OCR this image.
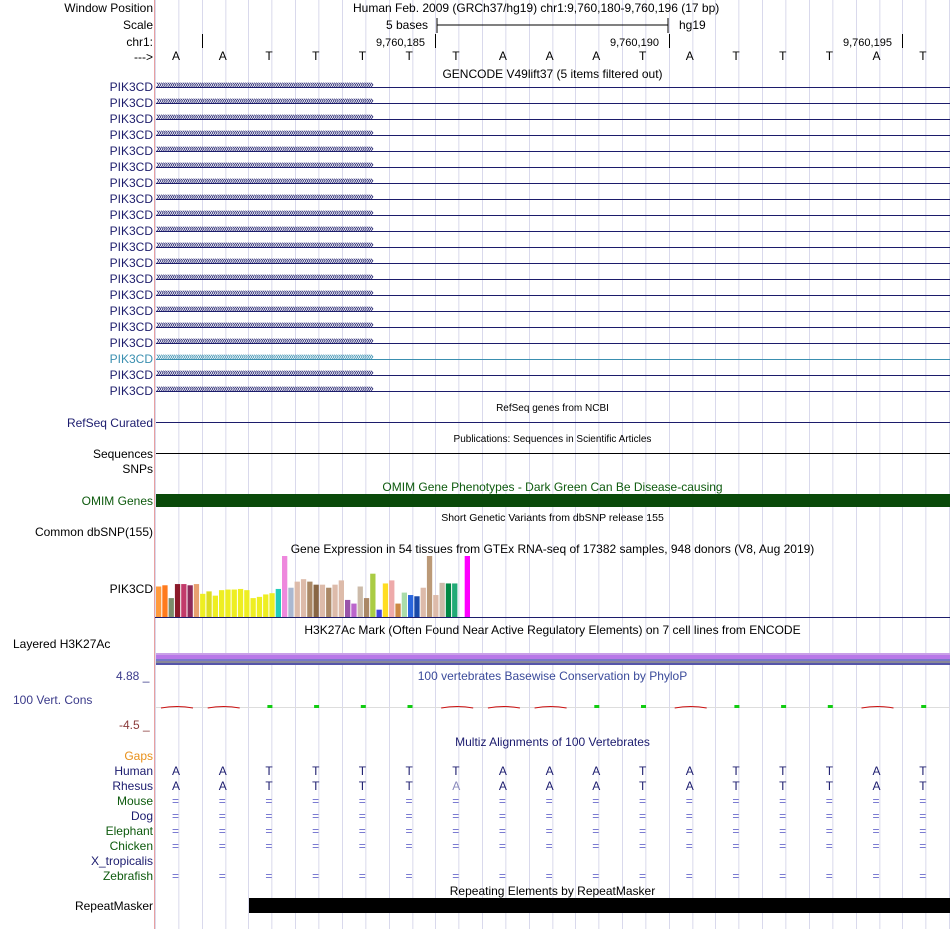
Window Position
Scale
chr1:
--->
Human Feb. 2009 (GRCh37/hg19) chr1:9,760,180-9,760,196 (17 bp)
5 bases	hg19
9,760,185	9,760,190	9,760,195
A	A	T	T	T	T	T	A	A	A	T	A	T	T	T	A	T
GENCODE V49lift37 (5 items filtered out)
PIK3CD ››››››››››››››››››››››››››››››››››››››››››››››››››››››››››››››››››››››››››››››››››››››››››››››››››››
PIK3CD ››››››››››››››››››››››››››››››››››››››››››››››››››››››››››››››››››››››››››››››››››››››››››››››››››››
PIK3CD ››››››››››››››››››››››››››››››››››››››››››››››››››››››››››››››››››››››››››››››››››››››››››››››››››››
PIK3CD ››››››››››››››››››››››››››››››››››››››››››››››››››››››››››››››››››››››››››››››››››››››››››››››››››››
PIK3CD ››››››››››››››››››››››››››››››››››››››››››››››››››››››››››››››››››››››››››››››››››››››››››››››››››››
PIK3CD ››››››››››››››››››››››››››››››››››››››››››››››››››››››››››››››››››››››››››››››››››››››››››››››››››››
PIK3CD ››››››››››››››››››››››››››››››››››››››››››››››››››››››››››››››››››››››››››››››››››››››››››››››››››››
PIK3CD ››››››››››››››››››››››››››››››››››››››››››››››››››››››››››››››››››››››››››››››››››››››››››››››››››››
PIK3CD ››››››››››››››››››››››››››››››››››››››››››››››››››››››››››››››››››››››››››››››››››››››››››››››››››››
PIK3CD ››››››››››››››››››››››››››››››››››››››››››››››››››››››››››››››››››››››››››››››››››››››››››››››››››››
PIK3CD ››››››››››››››››››››››››››››››››››››››››››››››››››››››››››››››››››››››››››››››››››››››››››››››››››››
PIK3CD ››››››››››››››››››››››››››››››››››››››››››››››››››››››››››››››››››››››››››››››››››››››››››››››››››››
PIK3CD ››››››››››››››››››››››››››››››››››››››››››››››››››››››››››››››››››››››››››››››››››››››››››››››››››››
PIK3CD ››››››››››››››››››››››››››››››››››››››››››››››››››››››››››››››››››››››››››››››››››››››››››››››››››››
PIK3CD ››››››››››››››››››››››››››››››››››››››››››››››››››››››››››››››››››››››››››››››››››››››››››››››››››››
PIK3CD ››››››››››››››››››››››››››››››››››››››››››››››››››››››››››››››››››››››››››››››››››››››››››››››››››››
PIK3CD ››››››››››››››››››››››››››››››››››››››››››››››››››››››››››››››››››››››››››››››››››››››››››››››››››››
PIK3CD ››››››››››››››››››››››››››››››››››››››››››››››››››››››››››››››››››››››››››››››››››››››››››››››››››››
PIK3CD ››››››››››››››››››››››››››››››››››››››››››››››››››››››››››››››››››››››››››››››››››››››››››››››››››››
PIK3CD ››››››››››››››››››››››››››››››››››››››››››››››››››››››››››››››››››››››››››››››››››››››››››››››››››››
RefSeq genes from NCBI
RefSeq Curated
Publications: Sequences in Scientific Articles
Sequences
SNPs
OMIM Gene Phenotypes - Dark Green Can Be Disease-causing
OMIM Genes
Short Genetic Variants from dbSNP release 155
Common dbSNP(155)
Gene Expression in 54 tissues from GTEx RNA-seq of 17382 samples, 948 donors (V8, Aug 2019)
PIK3CD
H3K27Ac Mark (Often Found Near Active Regulatory Elements) on 7 cell lines from ENCODE
Layered H3K27Ac
100 vertebrates Basewise Conservation by PhyloP
4.88 _
100 Vert. Cons
-4.5 _
Multiz Alignments of 100 Vertebrates
Gaps
Human A	A	T	T	T	T	T	A	A	A	T	A	T	T	T	A	T
Rhesus A	A	T	T	T	T	A	A	A	A	T	A	T	T	T	A	T
Mouse =	=	=	=	=	=	=	=	=	=	=	=	=	=	=	=	=
Dog =	=	=	=	=	=	=	=	=	=	=	=	=	=	=	=	=
Elephant =	=	=	=	=	=	=	=	=	=	=	=	=	=	=	=	=
Chicken =	=	=	=	=	=	=	=	=	=	=	=	=	=	=	=	=
X_tropicalis
Zebrafish =	=	=	=	=	=	=	=	=	=	=	=	=	=	=	=	=
Repeating Elements by RepeatMasker
RepeatMasker
